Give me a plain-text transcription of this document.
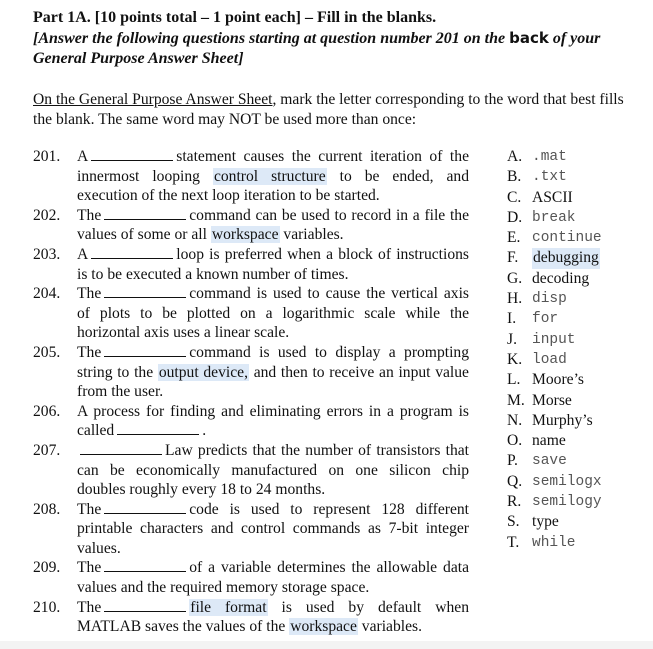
Part 1A. [10 points total – 1 point each] – Fill in the blanks.
[Answer the following questions starting at question number 201 on the back of your General Purpose Answer Sheet]
On the General Purpose Answer Sheet, mark the letter corresponding to the word that best fills the blank. The same word may NOT be used more than once:
201.	A	statement causes the current iteration of the innermost looping control structure to be ended, and execution of the next loop iteration to be started.
202.	The	command can be used to record in a file the values of some or all workspace variables.
203.	A	loop is preferred when a block of instructions is to be executed a known number of times.
204.	The	command is used to cause the vertical axis of plots to be plotted on a logarithmic scale while the horizontal axis uses a linear scale.
205.	The	command is used to display a prompting string to the output device, and then to receive an input value from the user.
206.	A process for finding and eliminating errors in a program is called	.
207.	Law predicts that the number of transistors that can be economically manufactured on one silicon chip doubles roughly every 18 to 24 months.
208.	The	code is used to represent 128 different printable characters and control commands as 7-bit integer values.
209.	The	of a variable determines the allowable data values and the required memory storage space.
210.	The	file format is used by default when MATLAB saves the values of the workspace variables.
A. .mat
B. .txt
C. ASCII
D. break
E. continue
F. debugging
G. decoding
H. disp
I.	for
J.	input
K. load
L. Moore’s
M. Morse
N. Murphy’s
O. name
P. save
Q. semilogx
R. semilogy
S. type
T. while
